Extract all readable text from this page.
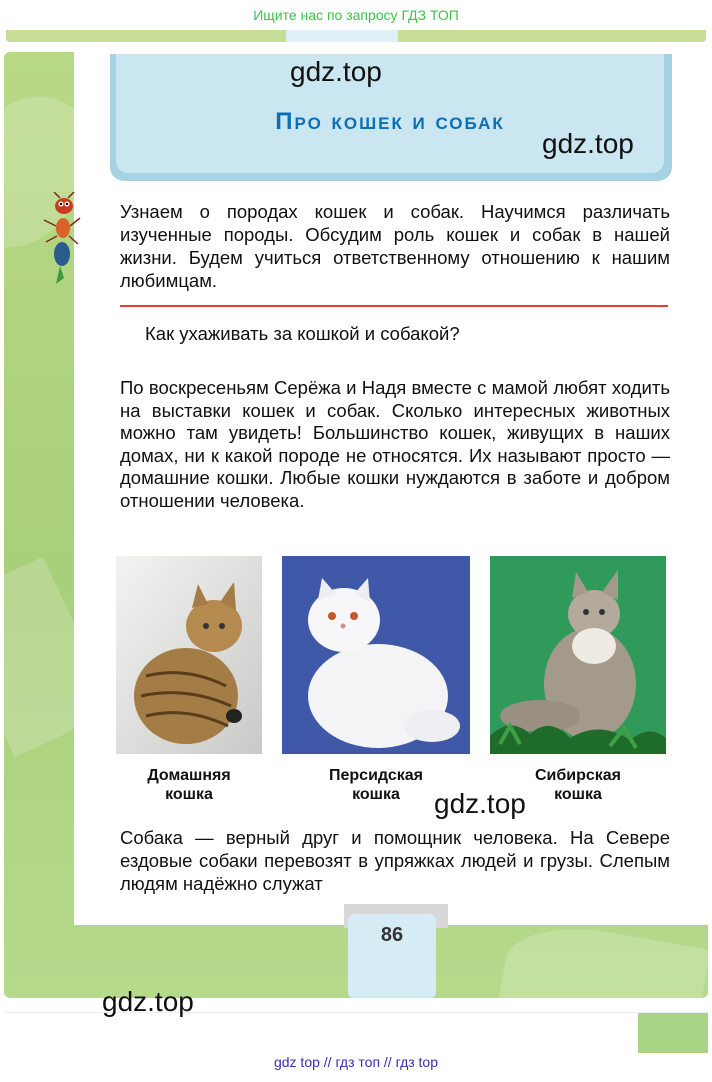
Ищите нас по запросу ГДЗ ТОП
Про кошек и собак
Узнаем о породах кошек и собак. Научимся различать изученные породы. Обсудим роль кошек и собак в нашей жизни. Будем учиться ответственному отношению к нашим любимцам.
Как ухаживать за кошкой и собакой?
По воскресеньям Серёжа и Надя вместе с мамой любят ходить на выставки кошек и собак. Сколько интересных животных можно там увидеть! Большинство кошек, живущих в наших домах, ни к какой породе не относятся. Их называют просто — домашние кошки. Любые кошки нуждаются в заботе и добром отношении человека.
Домашняя
кошка
Персидская
кошка
Сибирская
кошка
Собака — верный друг и помощник человека. На Севере ездовые собаки перевозят в упряжках людей и грузы. Слепым людям надёжно служат
86
gdz.top
gdz.top
gdz.top
gdz.top
gdz top // гдз топ // гдз top
